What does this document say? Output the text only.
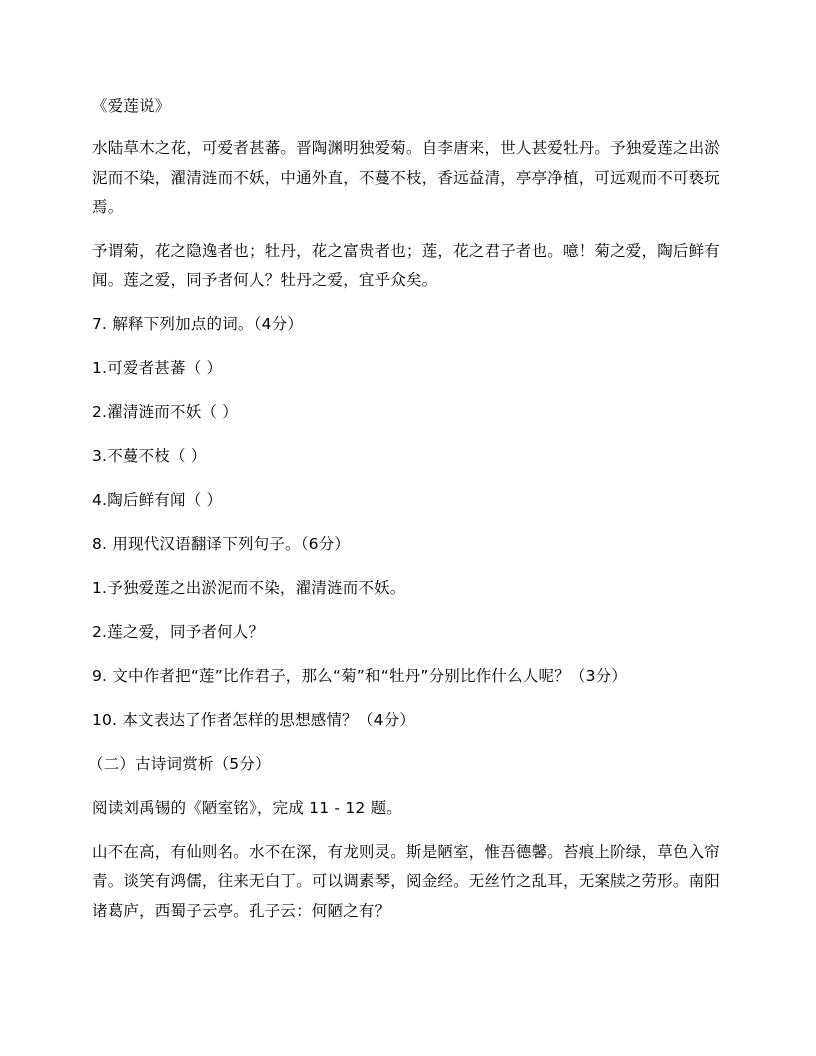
《爱莲说》

水陆草木之花，可爱者甚蕃。晋陶渊明独爱菊。自李唐来，世人甚爱牡丹。予独爱莲之出淤泥而不染，濯清涟而不妖，中通外直，不蔓不枝，香远益清，亭亭净植，可远观而不可亵玩焉。

予谓菊，花之隐逸者也；牡丹，花之富贵者也；莲，花之君子者也。噫！菊之爱，陶后鲜有闻。莲之爱，同予者何人？牡丹之爱，宜乎众矣。

7. 解释下列加点的词。（4分）

1.可爱者甚蕃（ ）

2.濯清涟而不妖（ ）

3.不蔓不枝（ ）

4.陶后鲜有闻（ ）

8. 用现代汉语翻译下列句子。（6分）

1.予独爱莲之出淤泥而不染，濯清涟而不妖。

2.莲之爱，同予者何人？

9. 文中作者把“莲”比作君子，那么“菊”和“牡丹”分别比作什么人呢？（3分）

10. 本文表达了作者怎样的思想感情？（4分）

（二）古诗词赏析（5分）

阅读刘禹锡的《陋室铭》，完成 11 - 12 题。

山不在高，有仙则名。水不在深，有龙则灵。斯是陋室，惟吾德馨。苔痕上阶绿，草色入帘青。谈笑有鸿儒，往来无白丁。可以调素琴，阅金经。无丝竹之乱耳，无案牍之劳形。南阳诸葛庐，西蜀子云亭。孔子云：何陋之有？
